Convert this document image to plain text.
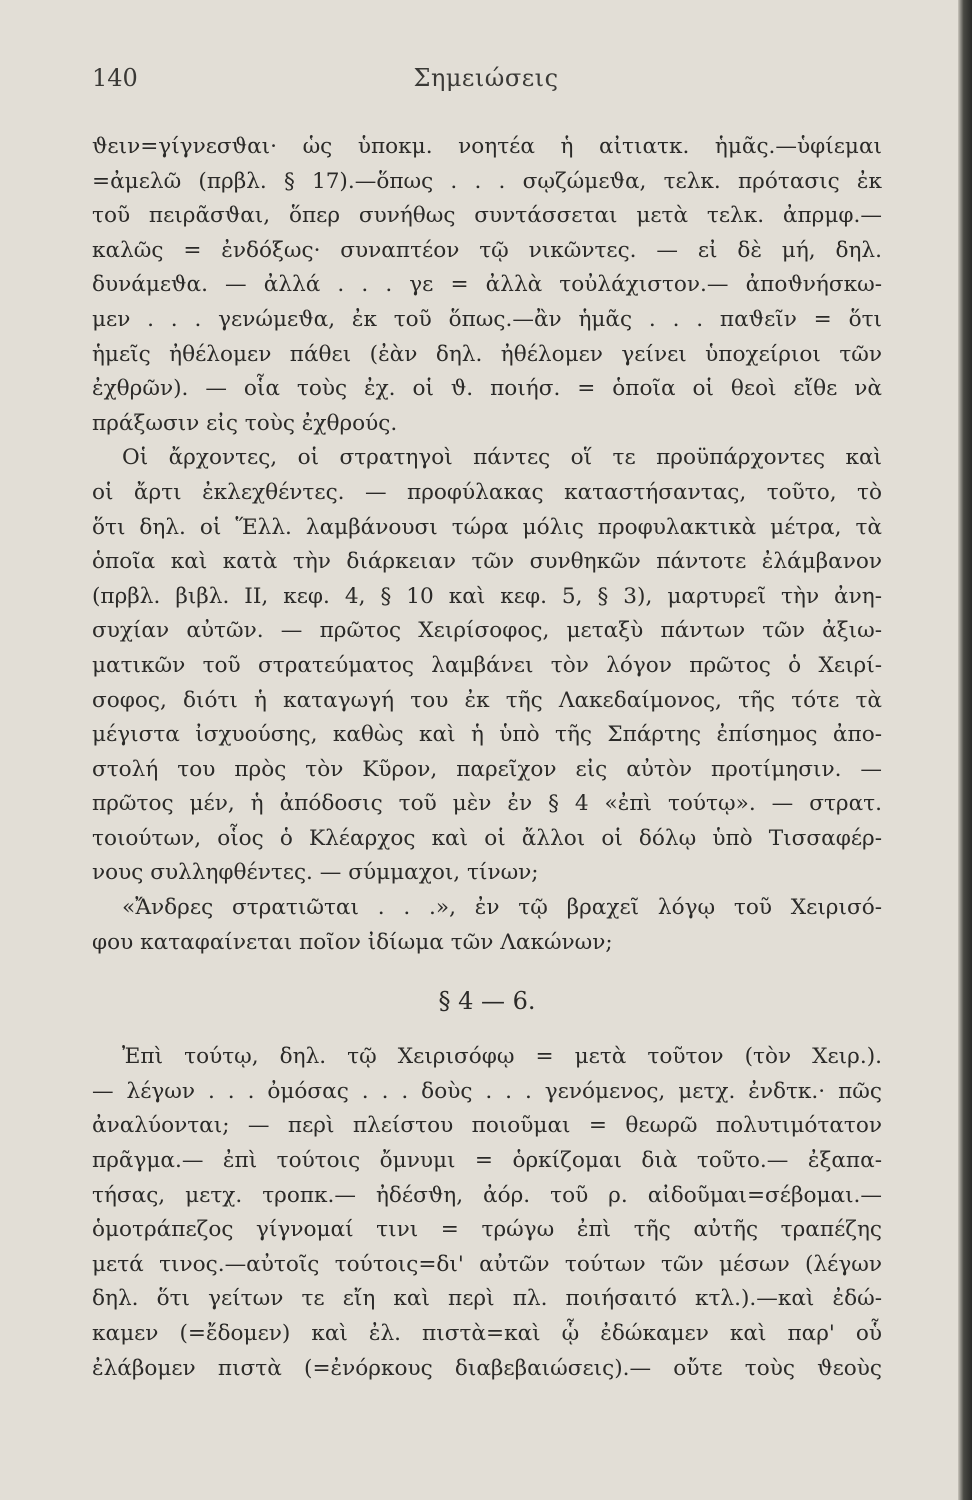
140	Σημειώσεις
ϑειν=γίγνεσϑαι· ὡς ὑποκμ. νοητέα ἡ αἰτιατκ. ἡμᾶς.—ὑφίεμαι
=ἀμελῶ (πρβλ. § 17).—ὅπως . . . σῳζώμεϑα, τελκ. πρότασις ἐκ
τοῦ πειρᾶσϑαι, ὅπερ συνήθως συντάσσεται μετὰ τελκ. ἀπρμφ.—
καλῶς = ἐνδόξως· συναπτέον τῷ νικῶντες. — εἰ δὲ μή, δηλ.
δυνάμεϑα. — ἀλλά . . . γε = ἀλλὰ τοὐλάχιστον.— ἀποϑνήσκω-
μεν . . . γενώμεϑα, ἐκ τοῦ ὅπως.—ἂν ἡμᾶς . . . παϑεῖν = ὅτι
ἡμεῖς ἠθέλομεν πάθει (ἐὰν δηλ. ἠθέλομεν γείνει ὑποχείριοι τῶν
ἐχθρῶν). — οἷα τοὺς ἐχ. οἱ ϑ. ποιήσ. = ὁποῖα οἱ θεοὶ εἴθε νὰ
πράξωσιν εἰς τοὺς ἐχθρούς.
Οἱ ἄρχοντες, οἱ στρατηγοὶ πάντες οἵ τε προϋπάρχοντες καὶ
οἱ ἄρτι ἐκλεχθέντες. — προφύλακας καταστήσαντας, τοῦτο, τὸ
ὅτι δηλ. οἱ Ἕλλ. λαμβάνουσι τώρα μόλις προφυλακτικὰ μέτρα, τὰ
ὁποῖα καὶ κατὰ τὴν διάρκειαν τῶν συνθηκῶν πάντοτε ἐλάμβανον
(πρβλ. βιβλ. ΙΙ, κεφ. 4, § 10 καὶ κεφ. 5, § 3), μαρτυρεῖ τὴν ἀνη-
συχίαν αὐτῶν. — πρῶτος Χειρίσοφος, μεταξὺ πάντων τῶν ἀξιω-
ματικῶν τοῦ στρατεύματος λαμβάνει τὸν λόγον πρῶτος ὁ Χειρί-
σοφος, διότι ἡ καταγωγή του ἐκ τῆς Λακεδαίμονος, τῆς τότε τὰ
μέγιστα ἰσχυούσης, καθὼς καὶ ἡ ὑπὸ τῆς Σπάρτης ἐπίσημος ἀπο-
στολή του πρὸς τὸν Κῦρον, παρεῖχον εἰς αὐτὸν προτίμησιν. —
πρῶτος μέν, ἡ ἀπόδοσις τοῦ μὲν ἐν § 4 «ἐπὶ τούτῳ». — στρατ.
τοιούτων, οἷος ὁ Κλέαρχος καὶ οἱ ἄλλοι οἱ δόλῳ ὑπὸ Τισσαφέρ-
νους συλληφθέντες. — σύμμαχοι, τίνων;
«Ἄνδρες στρατιῶται . . .», ἐν τῷ βραχεῖ λόγῳ τοῦ Χειρισό-
φου καταφαίνεται ποῖον ἰδίωμα τῶν Λακώνων;
§ 4 — 6.
Ἐπὶ τούτῳ, δηλ. τῷ Χειρισόφῳ = μετὰ τοῦτον (τὸν Χειρ.).
— λέγων . . . ὀμόσας . . . δοὺς . . . γενόμενος, μετχ. ἐνδτκ.· πῶς
ἀναλύονται; — περὶ πλείστου ποιοῦμαι = θεωρῶ πολυτιμότατον
πρᾶγμα.— ἐπὶ τούτοις ὄμνυμι = ὁρκίζομαι διὰ τοῦτο.— ἐξαπα-
τήσας, μετχ. τροπκ.— ἠδέσϑη, ἀόρ. τοῦ ρ. αἰδοῦμαι=σέβομαι.—
ὁμοτράπεζος γίγνομαί τινι = τρώγω ἐπὶ τῆς αὐτῆς τραπέζης
μετά τινος.—αὐτοῖς τούτοις=δι' αὐτῶν τούτων τῶν μέσων (λέγων
δηλ. ὅτι γείτων τε εἴη καὶ περὶ πλ. ποιήσαιτό κτλ.).—καὶ ἐδώ-
καμεν (=ἔδομεν) καὶ ἐλ. πιστὰ=καὶ ᾧ ἐδώκαμεν καὶ παρ' οὗ
ἐλάβομεν πιστὰ (=ἐνόρκους διαβεβαιώσεις).— οὔτε τοὺς ϑεοὺς
